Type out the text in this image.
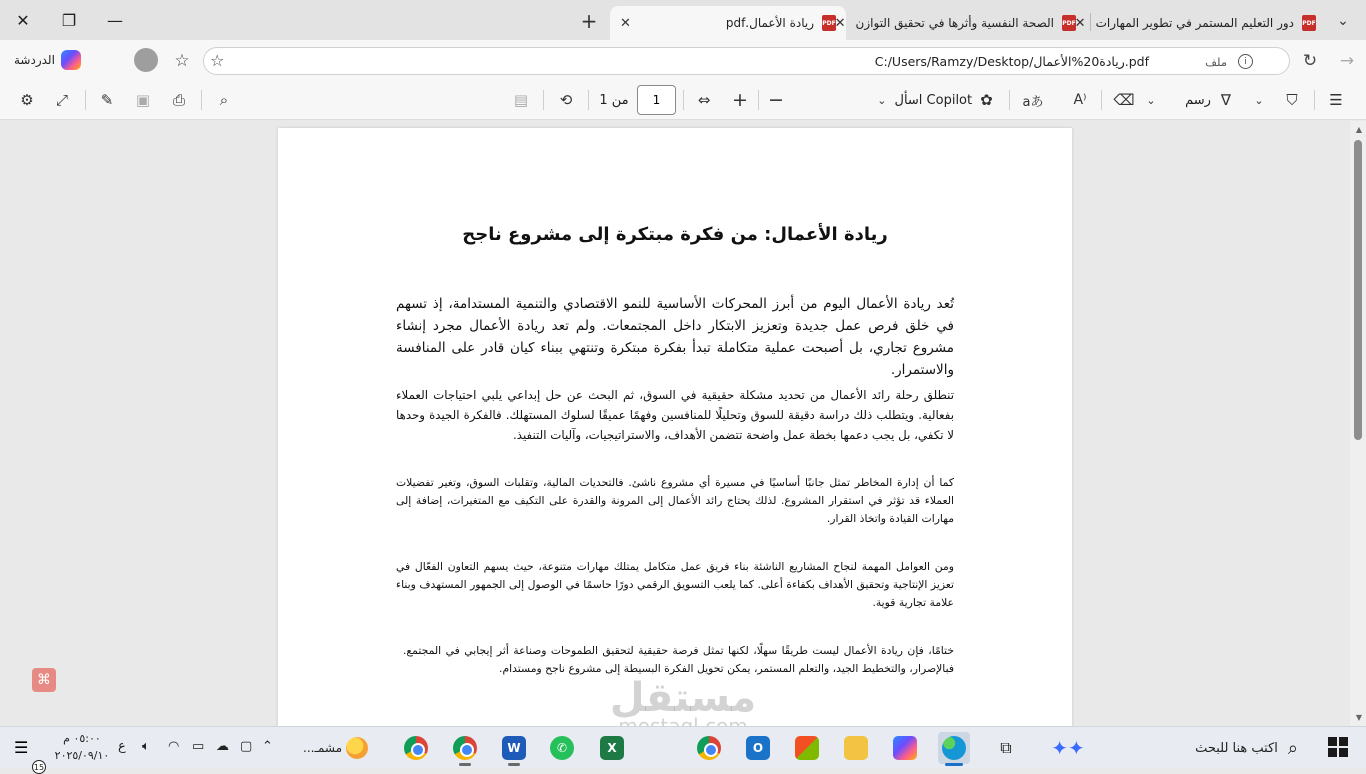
✕ ❐ —	+	PDF
ريادة الأعمال.pdf
✕	PDF
الصحة النفسية وأثرها في تحقيق التوازن
✕	PDF
دور التعليم المستمر في تطوير المهارات
✕	⌄
الدردشة	☆ ☆	C:/Users/Ramzy/Desktop/ريادة20%الأعمال.pdf	ملف	i	↻ →
⚙ ⤢ ✎ ▣ ⎙ ⌕	▤ ⟲ من 1	1	⇔ + −	⌄ اسأل Copilot ✿ aあ A⁾ ⌫ ⌄ رسم ∇ ⌄ ⛉ ☰
ريادة الأعمال: من فكرة مبتكرة إلى مشروع ناجح

تُعد ريادة الأعمال اليوم من أبرز المحركات الأساسية للنمو الاقتصادي والتنمية المستدامة، إذ تسهم في خلق فرص عمل جديدة وتعزيز الابتكار داخل المجتمعات. ولم تعد ريادة الأعمال مجرد إنشاء مشروع تجاري، بل أصبحت عملية متكاملة تبدأ بفكرة مبتكرة وتنتهي ببناء كيان قادر على المنافسة والاستمرار.

تنطلق رحلة رائد الأعمال من تحديد مشكلة حقيقية في السوق، ثم البحث عن حل إبداعي يلبي احتياجات العملاء بفعالية. ويتطلب ذلك دراسة دقيقة للسوق وتحليلًا للمنافسين وفهمًا عميقًا لسلوك المستهلك. فالفكرة الجيدة وحدها لا تكفي، بل يجب دعمها بخطة عمل واضحة تتضمن الأهداف، والاستراتيجيات، وآليات التنفيذ.

كما أن إدارة المخاطر تمثل جانبًا أساسيًا في مسيرة أي مشروع ناشئ. فالتحديات المالية، وتقلبات السوق، وتغير تفضيلات العملاء قد تؤثر في استقرار المشروع. لذلك يحتاج رائد الأعمال إلى المرونة والقدرة على التكيف مع المتغيرات، إضافة إلى مهارات القيادة واتخاذ القرار.

ومن العوامل المهمة لنجاح المشاريع الناشئة بناء فريق عمل متكامل يمتلك مهارات متنوعة، حيث يسهم التعاون الفعّال في تعزيز الإنتاجية وتحقيق الأهداف بكفاءة أعلى. كما يلعب التسويق الرقمي دورًا حاسمًا في الوصول إلى الجمهور المستهدف وبناء علامة تجارية قوية.

ختامًا، فإن ريادة الأعمال ليست طريقًا سهلًا، لكنها تمثل فرصة حقيقية لتحقيق الطموحات وصناعة أثر إيجابي في المجتمع. فبالإصرار، والتخطيط الجيد، والتعلم المستمر، يمكن تحويل الفكرة البسيطة إلى مشروع ناجح ومستدام.

▲
▼
⌘	مستقل
☰
15
٠٥:٠٠ م
٢٠٢٥/٠٩/١٠
ع 🔈︎ ◠ ▭ ☁ ▢ ⌃	مشمـ...	W	✆	X	O	⧉ ✦✦	⌕
اكتب هنا للبحث
